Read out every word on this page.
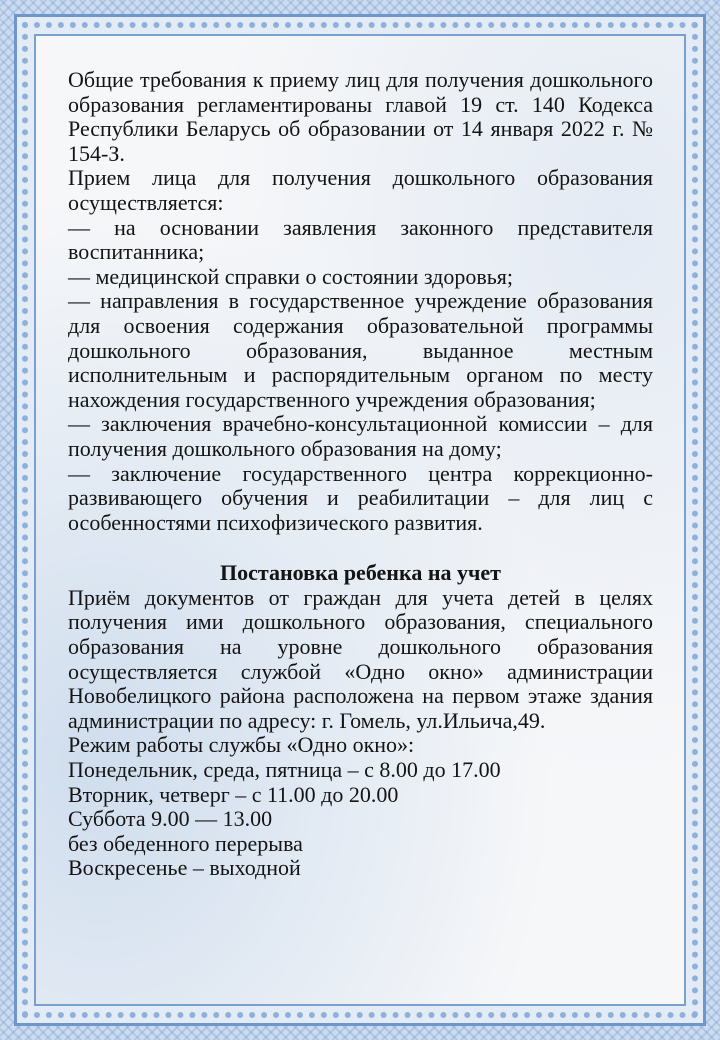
Общие требования к приему лиц для получения дошкольного образования регламентированы главой 19 ст. 140 Кодекса Республики Беларусь об образовании от 14 января 2022 г. № 154-З.

Прием лица для получения дошкольного образования осуществляется:

— на основании заявления законного представителя воспитанника;

— медицинской справки о состоянии здоровья;

— направления в государственное учреждение образования для освоения содержания образовательной программы дошкольного образования, выданное местным исполнительным и распорядительным органом по месту нахождения государственного учреждения образования;

— заключения врачебно-консультационной комиссии – для получения дошкольного образования на дому;

— заключение государственного центра коррекционно-развивающего обучения и реабилитации – для лиц с особенностями психофизического развития.

Постановка ребенка на учет

Приём документов от граждан для учета детей в целях получения ими дошкольного образования, специального образования на уровне дошкольного образования осуществляется службой «Одно окно» администрации Новобелицкого района расположена на первом этаже здания администрации по адресу: г. Гомель, ул.Ильича,49.

Режим работы службы «Одно окно»:

Понедельник, среда, пятница – с 8.00 до 17.00

Вторник, четверг – с 11.00 до 20.00

Суббота 9.00 — 13.00

без обеденного перерыва

Воскресенье – выходной
